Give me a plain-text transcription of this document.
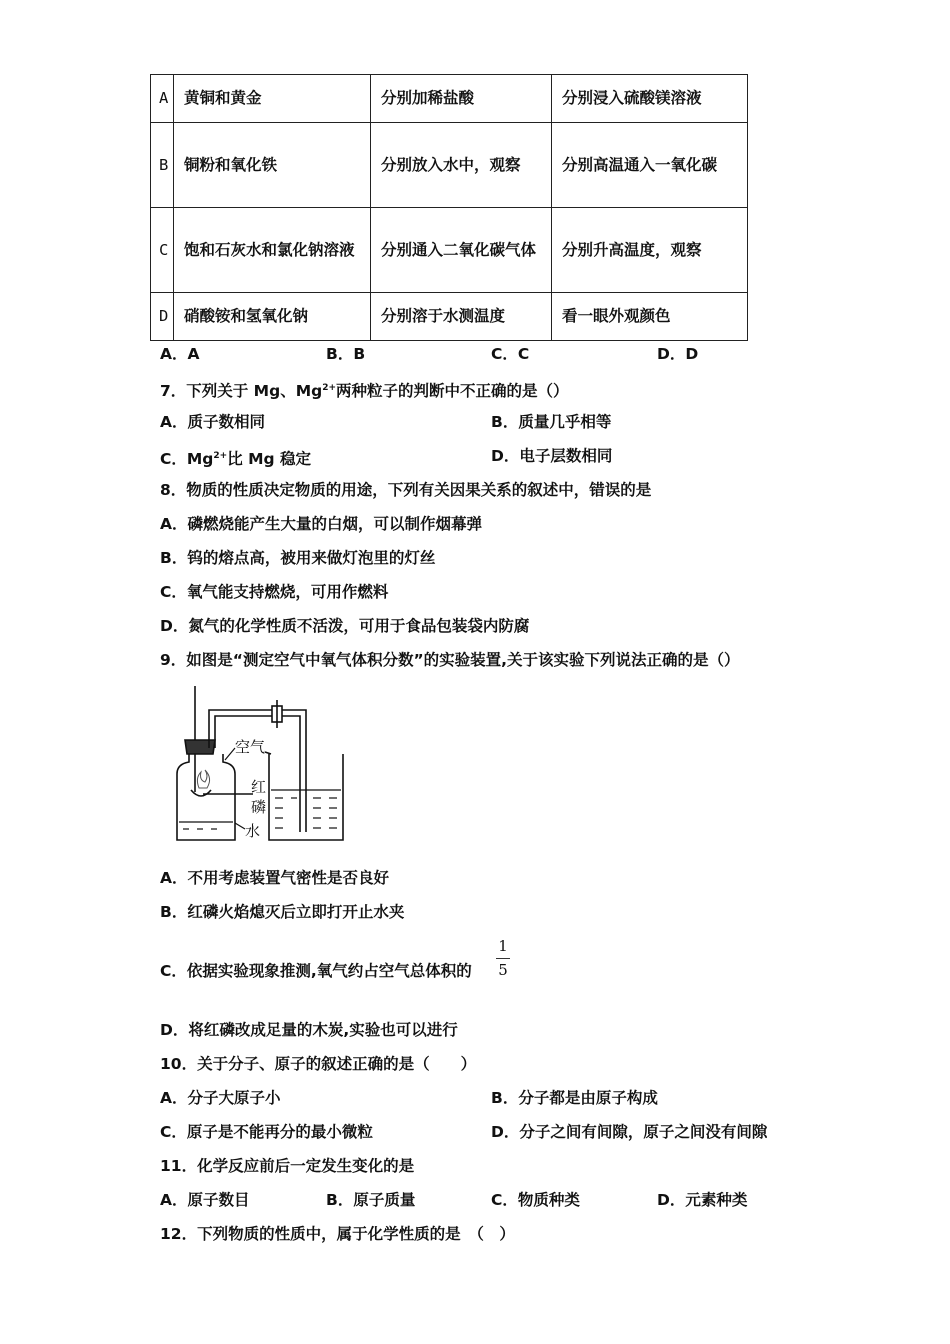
A	黄铜和黄金	分别加稀盐酸	分别浸入硫酸镁溶液
B	铜粉和氧化铁	分别放入水中，观察	分别高温通入一氧化碳
C	饱和石灰水和氯化钠溶液	分别通入二氧化碳气体	分别升高温度，观察
D	硝酸铵和氢氧化钠	分别溶于水测温度	看一眼外观颜色
A．A	B．B	C．C	D．D
7．下列关于 Mg、$Mg^{2+}$两种粒子的判断中不正确的是（）
A．质子数相同	B．质量几乎相等
C．$Mg^{2+}$比 Mg 稳定	D．电子层数相同
8．物质的性质决定物质的用途，下列有关因果关系的叙述中，错误的是
A．磷燃烧能产生大量的白烟，可以制作烟幕弹
B．钨的熔点高，被用来做灯泡里的灯丝
C．氧气能支持燃烧，可用作燃料
D．氮气的化学性质不活泼，可用于食品包装袋内防腐
9．如图是“测定空气中氧气体积分数”的实验装置,关于该实验下列说法正确的是（）
空气
红
磷
水
A．不用考虑装置气密性是否良好
B．红磷火焰熄灭后立即打开止水夹
C．依据实验现象推测,氧气约占空气总体积的
1
5
D．将红磷改成足量的木炭,实验也可以进行
10．关于分子、原子的叙述正确的是（　　）
A．分子大原子小	B．分子都是由原子构成
C．原子是不能再分的最小微粒	D．分子之间有间隙，原子之间没有间隙
11．化学反应前后一定发生变化的是
A．原子数目	B．原子质量	C．物质种类	D．元素种类
12．下列物质的性质中，属于化学性质的是　（　）
